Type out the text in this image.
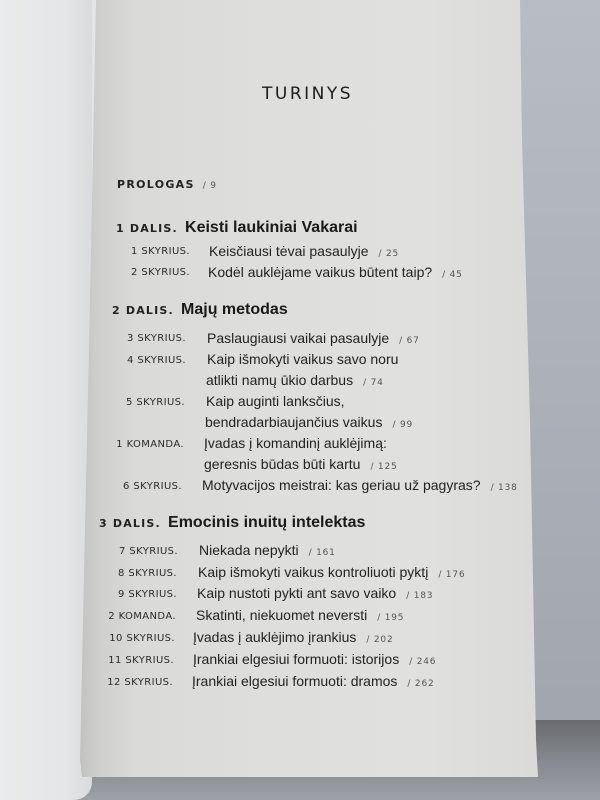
TURINYS
PROLOGAS / 9
1 DALIS. Keisti laukiniai Vakarai
1 SKYRIUS. Keisčiausi tėvai pasaulyje / 25
2 SKYRIUS. Kodėl auklėjame vaikus būtent taip? / 45
2 DALIS. Majų metodas
3 SKYRIUS. Paslaugiausi vaikai pasaulyje / 67
4 SKYRIUS. Kaip išmokyti vaikus savo noru
atlikti namų ūkio darbus / 74
5 SKYRIUS. Kaip auginti lanksčius,
bendradarbiaujančius vaikus / 99
1 KOMANDA. Įvadas į komandinį auklėjimą:
geresnis būdas būti kartu / 125
6 SKYRIUS. Motyvacijos meistrai: kas geriau už pagyras? / 138
3 DALIS. Emocinis inuitų intelektas
7 SKYRIUS. Niekada nepykti / 161
8 SKYRIUS. Kaip išmokyti vaikus kontroliuoti pyktį / 176
9 SKYRIUS. Kaip nustoti pykti ant savo vaiko / 183
2 KOMANDA. Skatinti, niekuomet neversti / 195
10 SKYRIUS. Įvadas į auklėjimo įrankius / 202
11 SKYRIUS. Įrankiai elgesiui formuoti: istorijos / 246
12 SKYRIUS. Įrankiai elgesiui formuoti: dramos / 262
